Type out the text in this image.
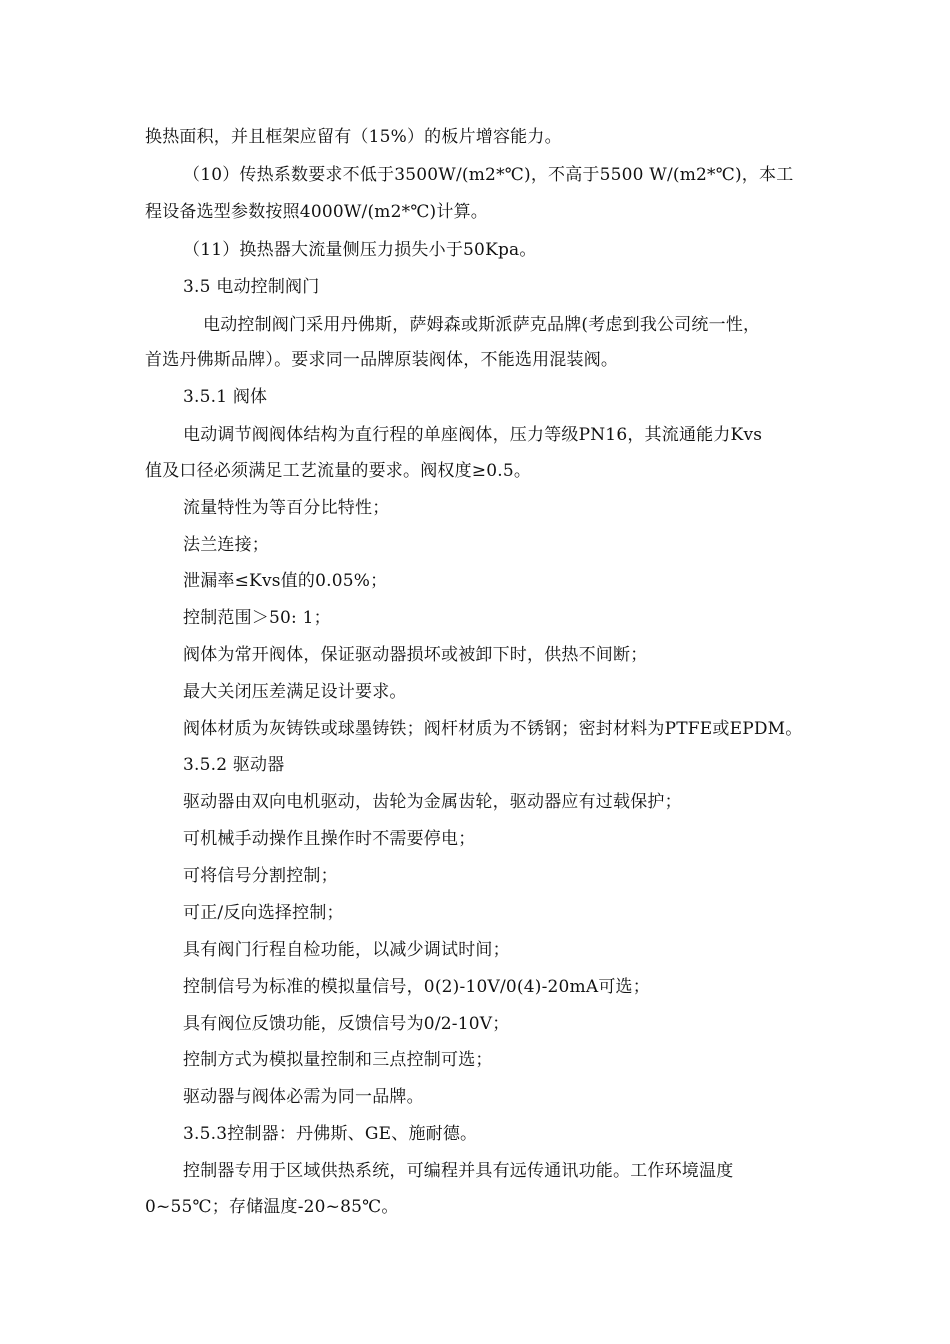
换热面积，并且框架应留有（15%）的板片增容能力。
（10）传热系数要求不低于3500W/(m2*℃)，不高于5500 W/(m2*℃)，本工
程设备选型参数按照4000W/(m2*℃)计算。
（11）换热器大流量侧压力损失小于50Kpa。
3.5 电动控制阀门
电动控制阀门采用丹佛斯，萨姆森或斯派萨克品牌(考虑到我公司统一性，
首选丹佛斯品牌）。要求同一品牌原装阀体，不能选用混装阀。
3.5.1 阀体
电动调节阀阀体结构为直行程的单座阀体，压力等级PN16，其流通能力Kvs
值及口径必须满足工艺流量的要求。阀权度≥0.5。
流量特性为等百分比特性；
法兰连接；
泄漏率≤Kvs值的0.05%；
控制范围＞50: 1；
阀体为常开阀体，保证驱动器损坏或被卸下时，供热不间断；
最大关闭压差满足设计要求。
阀体材质为灰铸铁或球墨铸铁；阀杆材质为不锈钢；密封材料为PTFE或EPDM。
3.5.2 驱动器
驱动器由双向电机驱动，齿轮为金属齿轮，驱动器应有过载保护；
可机械手动操作且操作时不需要停电；
可将信号分割控制；
可正/反向选择控制；
具有阀门行程自检功能，以减少调试时间；
控制信号为标准的模拟量信号，0(2)-10V/0(4)-20mA可选；
具有阀位反馈功能，反馈信号为0/2-10V；
控制方式为模拟量控制和三点控制可选；
驱动器与阀体必需为同一品牌。
3.5.3控制器：丹佛斯、GE、施耐德。
控制器专用于区域供热系统，可编程并具有远传通讯功能。工作环境温度
0~55℃；存储温度-20~85℃。
